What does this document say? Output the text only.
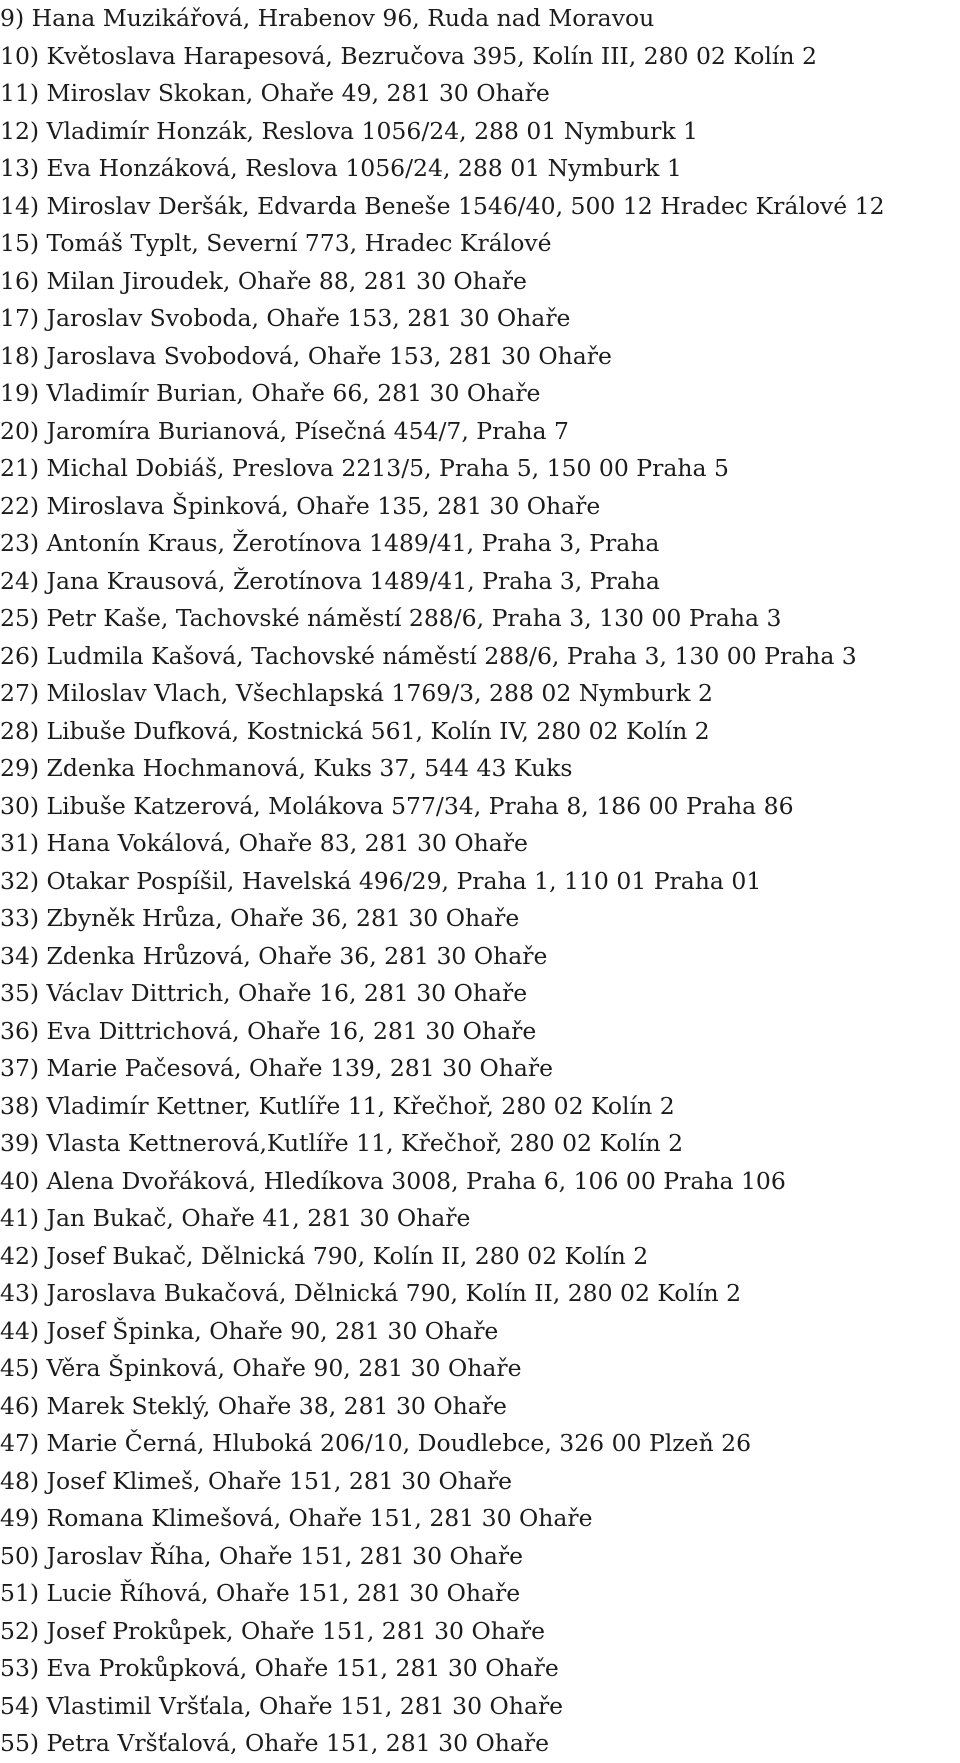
9) Hana Muzikářová, Hrabenov 96, Ruda nad Moravou
10) Květoslava Harapesová, Bezručova 395, Kolín III, 280 02 Kolín 2
11) Miroslav Skokan, Ohaře 49, 281 30 Ohaře
12) Vladimír Honzák, Reslova 1056/24, 288 01 Nymburk 1
13) Eva Honzáková, Reslova 1056/24, 288 01 Nymburk 1
14) Miroslav Deršák, Edvarda Beneše 1546/40, 500 12 Hradec Králové 12
15) Tomáš Typlt, Severní 773, Hradec Králové
16) Milan Jiroudek, Ohaře 88, 281 30 Ohaře
17) Jaroslav Svoboda, Ohaře 153, 281 30 Ohaře
18) Jaroslava Svobodová, Ohaře 153, 281 30 Ohaře
19) Vladimír Burian, Ohaře 66, 281 30 Ohaře
20) Jaromíra Burianová, Písečná 454/7, Praha 7
21) Michal Dobiáš, Preslova 2213/5, Praha 5, 150 00 Praha 5
22) Miroslava Špinková, Ohaře 135, 281 30 Ohaře
23) Antonín Kraus, Žerotínova 1489/41, Praha 3, Praha
24) Jana Krausová, Žerotínova 1489/41, Praha 3, Praha
25) Petr Kaše, Tachovské náměstí 288/6, Praha 3, 130 00 Praha 3
26) Ludmila Kašová, Tachovské náměstí 288/6, Praha 3, 130 00 Praha 3
27) Miloslav Vlach, Všechlapská 1769/3, 288 02 Nymburk 2
28) Libuše Dufková, Kostnická 561, Kolín IV, 280 02 Kolín 2
29) Zdenka Hochmanová, Kuks 37, 544 43 Kuks
30) Libuše Katzerová, Molákova 577/34, Praha 8, 186 00 Praha 86
31) Hana Vokálová, Ohaře 83, 281 30 Ohaře
32) Otakar Pospíšil, Havelská 496/29, Praha 1, 110 01 Praha 01
33) Zbyněk Hrůza, Ohaře 36, 281 30 Ohaře
34) Zdenka Hrůzová, Ohaře 36, 281 30 Ohaře
35) Václav Dittrich, Ohaře 16, 281 30 Ohaře
36) Eva Dittrichová, Ohaře 16, 281 30 Ohaře
37) Marie Pačesová, Ohaře 139, 281 30 Ohaře
38) Vladimír Kettner, Kutlíře 11, Křečhoř, 280 02 Kolín 2
39) Vlasta Kettnerová,Kutlíře 11, Křečhoř, 280 02 Kolín 2
40) Alena Dvořáková, Hledíkova 3008, Praha 6, 106 00 Praha 106
41) Jan Bukač, Ohaře 41, 281 30 Ohaře
42) Josef Bukač, Dělnická 790, Kolín II, 280 02 Kolín 2
43) Jaroslava Bukačová, Dělnická 790, Kolín II, 280 02 Kolín 2
44) Josef Špinka, Ohaře 90, 281 30 Ohaře
45) Věra Špinková, Ohaře 90, 281 30 Ohaře
46) Marek Steklý, Ohaře 38, 281 30 Ohaře
47) Marie Černá, Hluboká 206/10, Doudlebce, 326 00 Plzeň 26
48) Josef Klimeš, Ohaře 151, 281 30 Ohaře
49) Romana Klimešová, Ohaře 151, 281 30 Ohaře
50) Jaroslav Říha, Ohaře 151, 281 30 Ohaře
51) Lucie Říhová, Ohaře 151, 281 30 Ohaře
52) Josef Prokůpek, Ohaře 151, 281 30 Ohaře
53) Eva Prokůpková, Ohaře 151, 281 30 Ohaře
54) Vlastimil Vršťala, Ohaře 151, 281 30 Ohaře
55) Petra Vršťalová, Ohaře 151, 281 30 Ohaře
